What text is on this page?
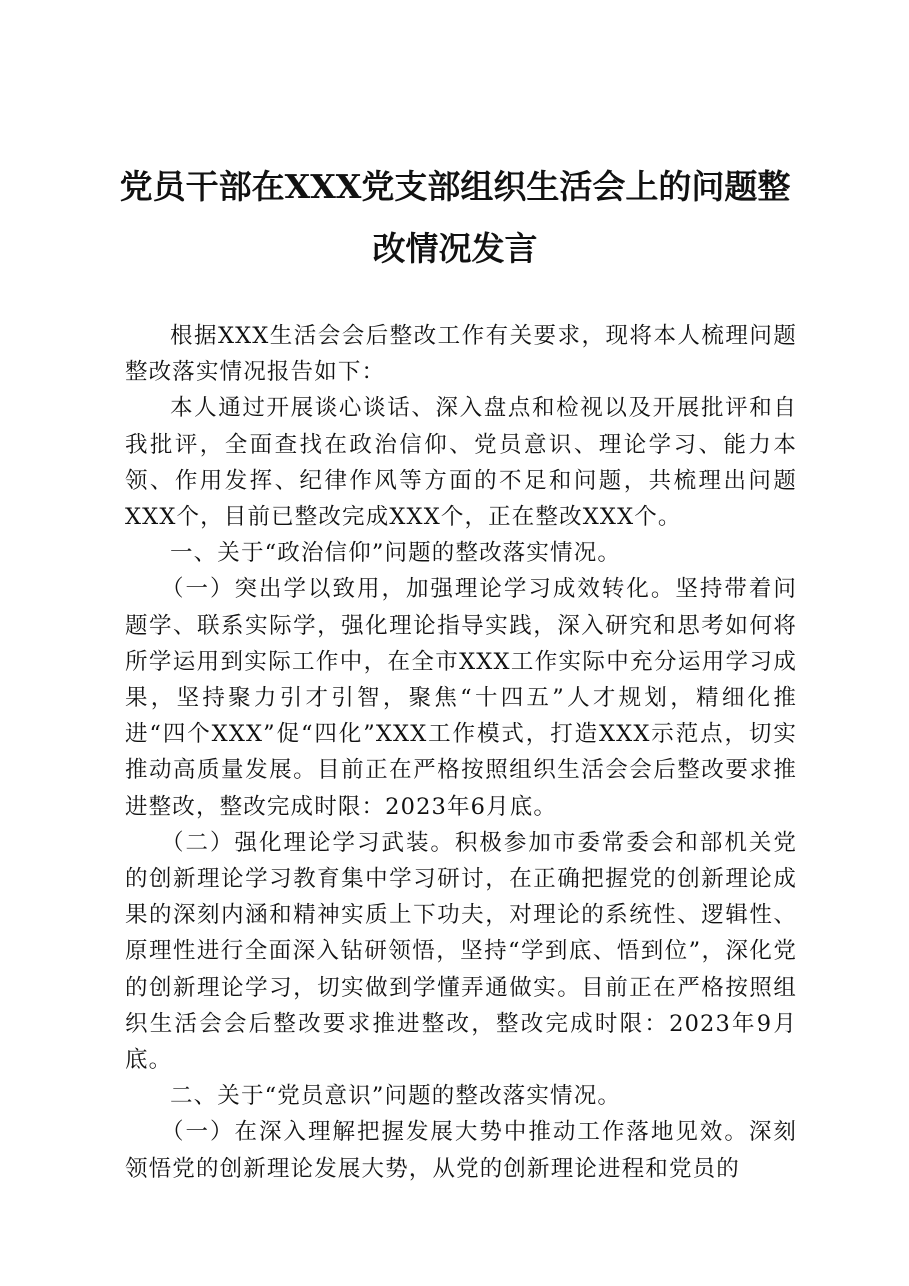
党员干部在XXX党支部组织生活会上的问题整
改情况发言

根据XXX生活会会后整改工作有关要求，现将本人梳理问题整改落实情况报告如下：

本人通过开展谈心谈话、深入盘点和检视以及开展批评和自我批评，全面查找在政治信仰、党员意识、理论学习、能力本领、作用发挥、纪律作风等方面的不足和问题，共梳理出问题XXX个，目前已整改完成XXX个，正在整改XXX个。

一、关于“政治信仰”问题的整改落实情况。

（一）突出学以致用，加强理论学习成效转化。坚持带着问题学、联系实际学，强化理论指导实践，深入研究和思考如何将所学运用到实际工作中，在全市XXX工作实际中充分运用学习成果，坚持聚力引才引智，聚焦“十四五”人才规划，精细化推进“四个XXX”促“四化”XXX工作模式，打造XXX示范点，切实推动高质量发展。目前正在严格按照组织生活会会后整改要求推进整改，整改完成时限：2023年6月底。

（二）强化理论学习武装。积极参加市委常委会和部机关党的创新理论学习教育集中学习研讨，在正确把握党的创新理论成果的深刻内涵和精神实质上下功夫，对理论的系统性、逻辑性、原理性进行全面深入钻研领悟，坚持“学到底、悟到位”，深化党的创新理论学习，切实做到学懂弄通做实。目前正在严格按照组织生活会会后整改要求推进整改，整改完成时限：2023年9月底。

二、关于“党员意识”问题的整改落实情况。

（一）在深入理解把握发展大势中推动工作落地见效。深刻领悟党的创新理论发展大势，从党的创新理论进程和党员的
